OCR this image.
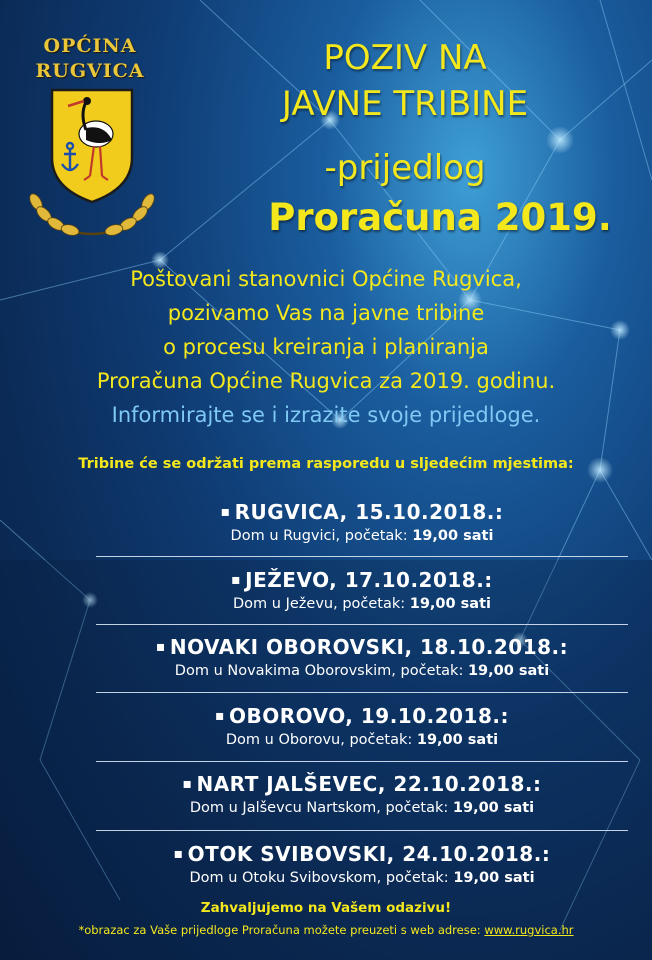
OPĆINA
RUGVICA	POZIV NA
JAVNE TRIBINE
-prijedlog
Proračuna 2019.
Poštovani stanovnici Općine Rugvica,
pozivamo Vas na javne tribine
o procesu kreiranja i planiranja
Proračuna Općine Rugvica za 2019. godinu.
Informirajte se i izrazite svoje prijedloge.
Tribine će se održati prema rasporedu u sljedećim mjestima:
▪ RUGVICA, 15.10.2018.:
Dom u Rugvici, početak: 19,00 sati
▪ JEŽEVO, 17.10.2018.:
Dom u Ježevu, početak: 19,00 sati
▪ NOVAKI OBOROVSKI, 18.10.2018.:
Dom u Novakima Oborovskim, početak: 19,00 sati
▪ OBOROVO, 19.10.2018.:
Dom u Oborovu, početak: 19,00 sati
▪ NART JALŠEVEC, 22.10.2018.:
Dom u Jalševcu Nartskom, početak: 19,00 sati
▪ OTOK SVIBOVSKI, 24.10.2018.:
Dom u Otoku Svibovskom, početak: 19,00 sati
Zahvaljujemo na Vašem odazivu!
*obrazac za Vaše prijedloge Proračuna možete preuzeti s web adrese: www.rugvica.hr
